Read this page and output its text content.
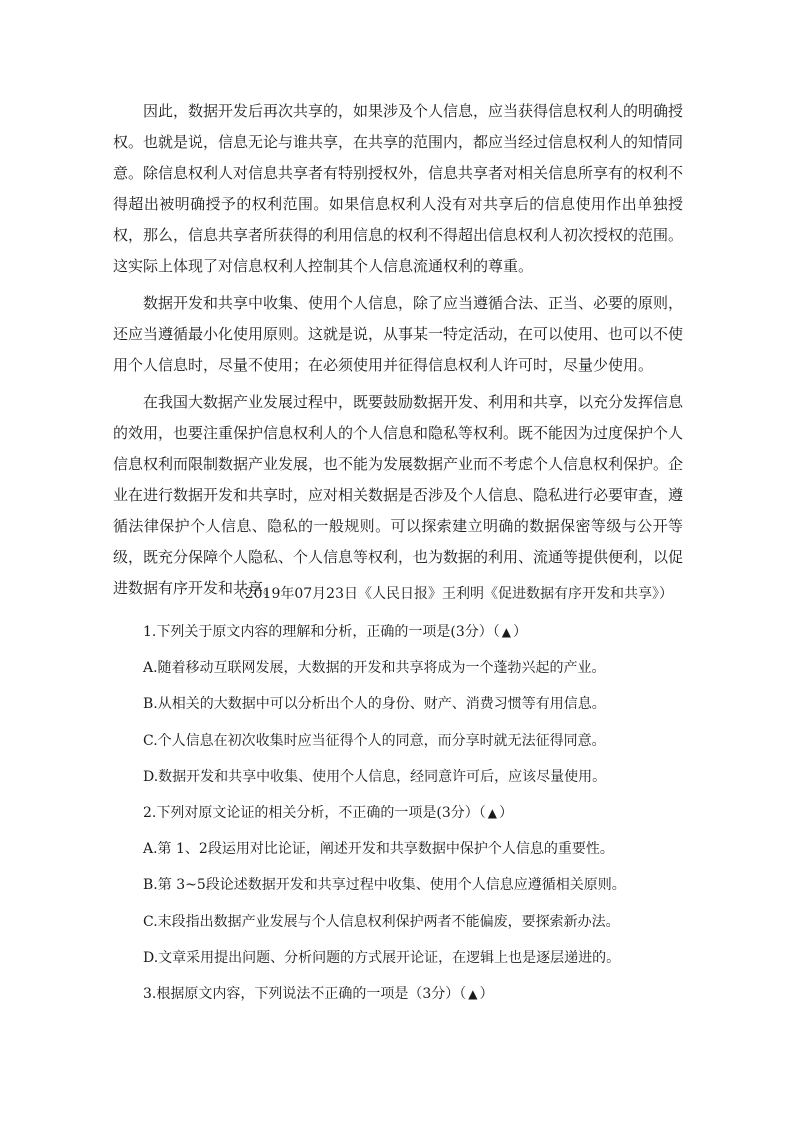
因此，数据开发后再次共享的，如果涉及个人信息，应当获得信息权利人的明确授权。也就是说，信息无论与谁共享，在共享的范围内，都应当经过信息权利人的知情同意。除信息权利人对信息共享者有特别授权外，信息共享者对相关信息所享有的权利不得超出被明确授予的权利范围。如果信息权利人没有对共享后的信息使用作出单独授权，那么，信息共享者所获得的利用信息的权利不得超出信息权利人初次授权的范围。这实际上体现了对信息权利人控制其个人信息流通权利的尊重。

数据开发和共享中收集、使用个人信息，除了应当遵循合法、正当、必要的原则，还应当遵循最小化使用原则。这就是说，从事某一特定活动，在可以使用、也可以不使用个人信息时，尽量不使用；在必须使用并征得信息权利人许可时，尽量少使用。

在我国大数据产业发展过程中，既要鼓励数据开发、利用和共享，以充分发挥信息的效用，也要注重保护信息权利人的个人信息和隐私等权利。既不能因为过度保护个人信息权利而限制数据产业发展，也不能为发展数据产业而不考虑个人信息权利保护。企业在进行数据开发和共享时，应对相关数据是否涉及个人信息、隐私进行必要审查，遵循法律保护个人信息、隐私的一般规则。可以探索建立明确的数据保密等级与公开等级，既充分保障个人隐私、个人信息等权利，也为数据的利用、流通等提供便利，以促进数据有序开发和共享。

（2019年07月23日《人民日报》王利明《促进数据有序开发和共享》）

1.下列关于原文内容的理解和分析，正确的一项是(3分）（ ▲ ）

A.随着移动互联网发展，大数据的开发和共享将成为一个蓬勃兴起的产业。

B.从相关的大数据中可以分析出个人的身份、财产、消费习惯等有用信息。

C.个人信息在初次收集时应当征得个人的同意，而分享时就无法征得同意。

D.数据开发和共享中收集、使用个人信息，经同意许可后，应该尽量使用。

2.下列对原文论证的相关分析，不正确的一项是(3分）（ ▲ ）

A.第 1、2段运用对比论证，阐述开发和共享数据中保护个人信息的重要性。

B.第 3~5段论述数据开发和共享过程中收集、使用个人信息应遵循相关原则。

C.末段指出数据产业发展与个人信息权利保护两者不能偏废，要探索新办法。

D.文章采用提出问题、分析问题的方式展开论证，在逻辑上也是逐层递进的。

3.根据原文内容，下列说法不正确的一项是（3分）（ ▲ ）
